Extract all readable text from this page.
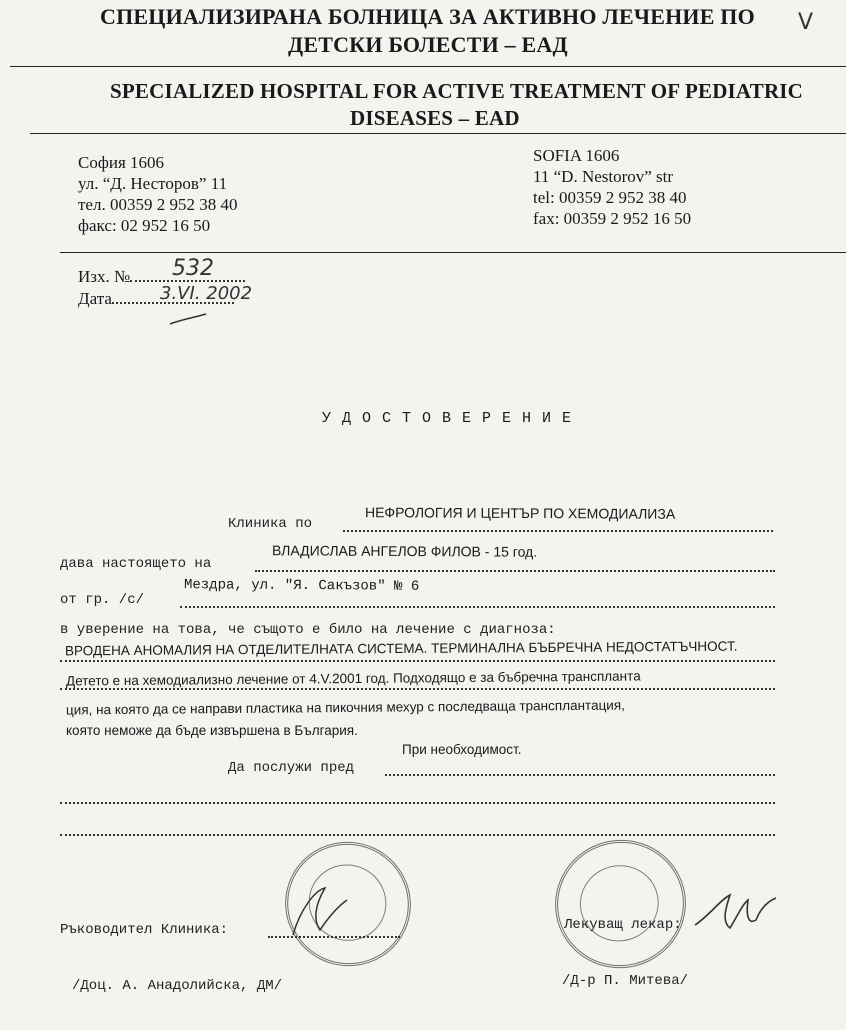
СПЕЦИАЛИЗИРАНА БОЛНИЦА ЗА АКТИВНО ЛЕЧЕНИЕ ПО
ДЕТСКИ БОЛЕСТИ – ЕАД
V
SPECIALIZED HOSPITAL FOR ACTIVE TREATMENT OF PEDIATRIC
DISEASES – EAD
София 1606
ул. “Д. Несторов” 11
тел. 00359 2 952 38 40
факс: 02 952 16 50
SOFIA 1606
11 “D. Nestorov” str
tel: 00359 2 952 38 40
fax: 00359 2 952 16 50
Изх. №	532
Дата	3.VI. 2002
У Д О С Т О В Е Р Е Н И Е
Клиника по
НЕФРОЛОГИЯ И ЦЕНТЪР ПО ХЕМОДИАЛИЗА
дава настоящето на
ВЛАДИСЛАВ АНГЕЛОВ ФИЛОВ - 15 год.
от гр. /с/
Мездра, ул. "Я. Сакъзов" № 6
в уверение на това, че същото е било на лечение с диагноза:
ВРОДЕНА АНОМАЛИЯ НА ОТДЕЛИТЕЛНАТА СИСТЕМА. ТЕРМИНАЛНА БЪБРЕЧНА НЕДОСТАТЪЧНОСТ.
Детето е на хемодиализно лечение от 4.V.2001 год. Подходящо е за бъбречна трансплантa
ция, на която да се направи пластика на пикочния мехур с последваща трансплантация,
която неможе да бъде извършена в България.
При необходимост.
Да послужи пред
Ръководител Клиника:
/Доц. А. Анадолийска, ДМ/
Лекуващ лекар:
/Д-р П. Митева/
